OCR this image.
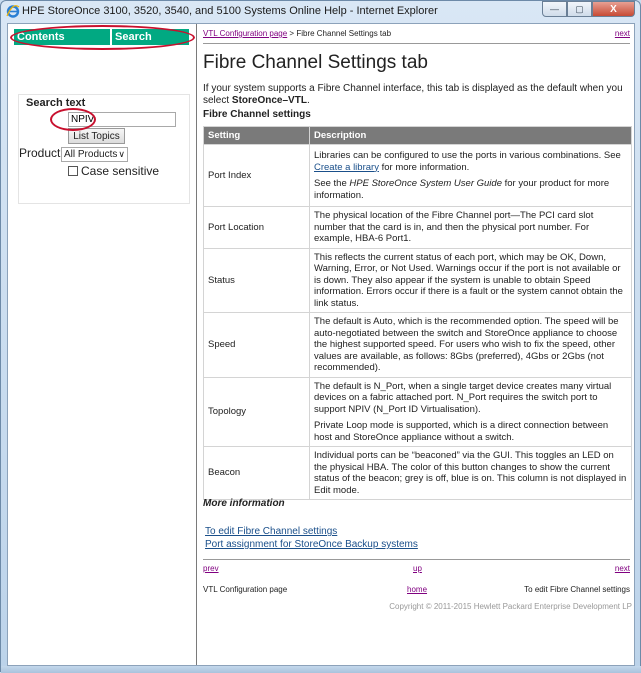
HPE StoreOnce 3100, 3520, 3540, and 5100 Systems Online Help - Internet Explorer	—	▢	X
Contents	Search
Search text
NPIV
List Topics
Product All Products ∨
Case sensitive
VTL Configuration page > Fibre Channel Settings tab	next
Fibre Channel Settings tab

If your system supports a Fibre Channel interface, this tab is displayed as the default when you select StoreOnce–VTL.

Fibre Channel settings
Setting	Description
Port Index	Libraries can be configured to use the ports in various combinations. See Create a library for more information.

See the HPE StoreOnce System User Guide for your product for more information.

Port Location	The physical location of the Fibre Channel port—The PCI card slot number that the card is in, and then the physical port number. For example, HBA-6 Port1.
Status	This reflects the current status of each port, which may be OK, Down, Warning, Error, or Not Used. Warnings occur if the port is not available or is down. They also appear if the system is unable to obtain Speed information. Errors occur if there is a fault or the system cannot obtain the link status.
Speed	The default is Auto, which is the recommended option. The speed will be auto-negotiated between the switch and StoreOnce appliance to choose the highest supported speed. For users who wish to fix the speed, other values are available, as follows: 8Gbs (preferred), 4Gbs or 2Gbs (not recommended).
Topology	The default is N_Port, when a single target device creates many virtual devices on a fabric attached port. N_Port requires the switch port to support NPIV (N_Port ID Virtualisation).

Private Loop mode is supported, which is a direct connection between host and StoreOnce appliance without a switch.

Beacon	Individual ports can be “beaconed” via the GUI. This toggles an LED on the physical HBA. The color of this button changes to show the current status of the beacon; grey is off, blue is on. This column is not displayed in Edit mode.
More information
To edit Fibre Channel settings
Port assignment for StoreOnce Backup systems
prev	up	next
VTL Configuration page	home	To edit Fibre Channel settings
Copyright © 2011-2015 Hewlett Packard Enterprise Development LP
